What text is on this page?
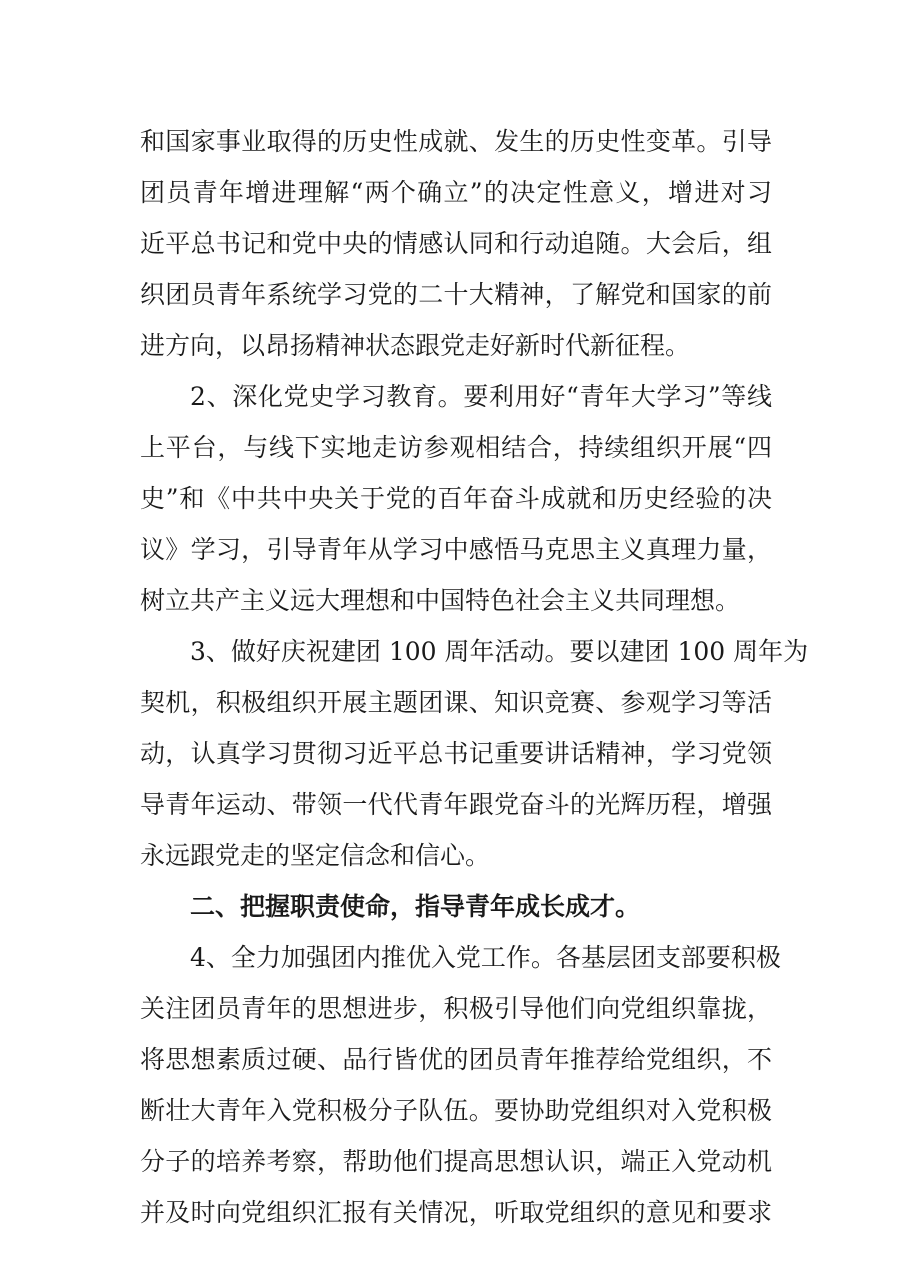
和国家事业取得的历史性成就、发生的历史性变革。引导
团员青年增进理解“两个确立”的决定性意义，增进对习
近平总书记和党中央的情感认同和行动追随。大会后，组
织团员青年系统学习党的二十大精神，了解党和国家的前
进方向，以昂扬精神状态跟党走好新时代新征程。
2、深化党史学习教育。要利用好“青年大学习”等线
上平台，与线下实地走访参观相结合，持续组织开展“四
史”和《中共中央关于党的百年奋斗成就和历史经验的决
议》学习，引导青年从学习中感悟马克思主义真理力量，
树立共产主义远大理想和中国特色社会主义共同理想。
3、做好庆祝建团 100 周年活动。要以建团 100 周年为
契机，积极组织开展主题团课、知识竞赛、参观学习等活
动，认真学习贯彻习近平总书记重要讲话精神，学习党领
导青年运动、带领一代代青年跟党奋斗的光辉历程，增强
永远跟党走的坚定信念和信心。
二、把握职责使命，指导青年成长成才。
4、全力加强团内推优入党工作。各基层团支部要积极
关注团员青年的思想进步，积极引导他们向党组织靠拢，
将思想素质过硬、品行皆优的团员青年推荐给党组织，不
断壮大青年入党积极分子队伍。要协助党组织对入党积极
分子的培养考察，帮助他们提高思想认识，端正入党动机
并及时向党组织汇报有关情况，听取党组织的意见和要求
